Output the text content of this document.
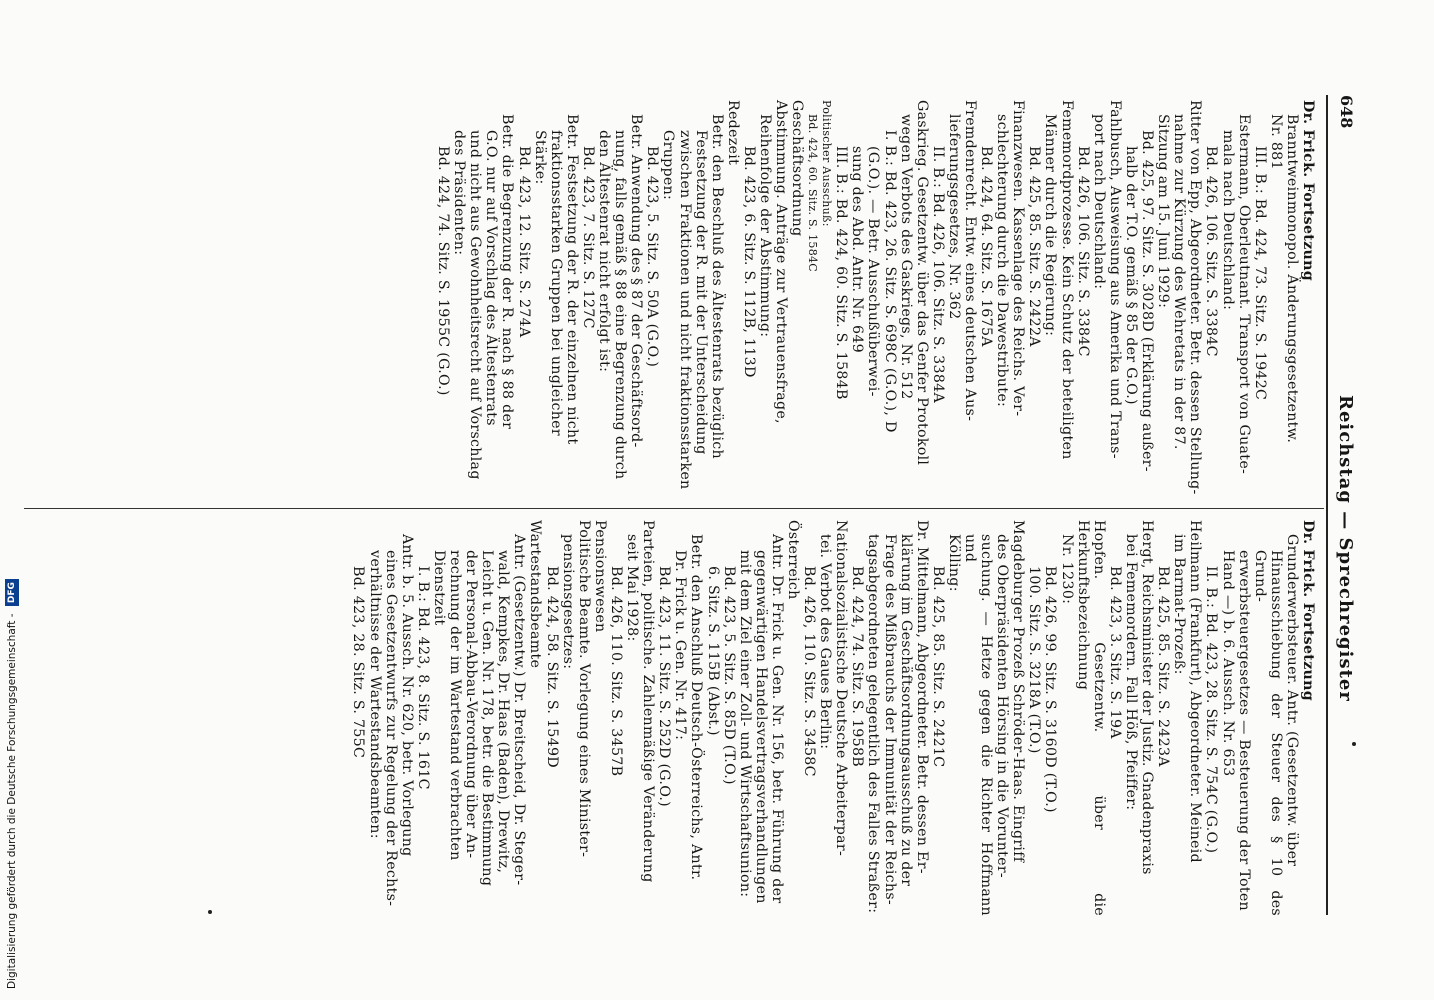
648
Reichstag — Sprechregister

Dr. Frick. Fortsetzung

Branntweinmonopol. Änderungsgesetzentw.

Nr. 881

III. B.: Bd. 424, 73. Sitz. S. 1942C

Estermann, Oberleutnant. Transport von Guate-

mala nach Deutschland:

Bd. 426, 106. Sitz. S. 3384C

Ritter von Epp, Abgeordneter. Betr. dessen Stellung-

nahme zur Kürzung des Wehretats in der 87.

Sitzung am 15. Juni 1929:

Bd. 425, 97. Sitz. S. 3028D (Erklärung außer-

halb der T.O. gemäß § 85 der G.O.)

Fahlbusch, Ausweisung aus Amerika und Trans-

port nach Deutschland:

Bd. 426, 106. Sitz. S. 3384C

Fememordprozesse. Kein Schutz der beteiligten

Männer durch die Regierung:

Bd. 425, 85. Sitz. S. 2422A

Finanzwesen. Kassenlage des Reichs. Ver-

schlechterung durch die Dawestribute:

Bd. 424, 64. Sitz. S. 1675A

Fremdenrecht. Entw. eines deutschen Aus-

lieferungsgesetzes, Nr. 362

II. B.: Bd. 426, 106. Sitz. S. 3384A

Gaskrieg. Gesetzentw. über das Genfer Protokoll

wegen Verbots des Gaskriegs, Nr. 512

I. B.: Bd. 423, 26. Sitz. S. 698C (G.O.), D

(G.O.). — Betr. Ausschußüberwei-

sung des Abd. Antr. Nr. 649

III. B.: Bd. 424, 60. Sitz. S. 1584B

Politischer Ausschuß:

Bd. 424, 60. Sitz. S. 1584C

Geschäftsordnung

Abstimmung. Anträge zur Vertrauensfrage,

Reihenfolge der Abstimmung:

Bd. 423, 6. Sitz. S. 112B, 113D

Redezeit

Betr. den Beschluß des Ältestenrats bezüglich

Festsetzung der R. mit der Unterscheidung

zwischen Fraktionen und nicht fraktionsstarken

Gruppen:

Bd. 423, 5. Sitz. S. 50A (G.O.)

Betr. Anwendung des § 87 der Geschäftsord-

nung, falls gemäß § 88 eine Begrenzung durch

den Ältestenrat nicht erfolgt ist:

Bd. 423, 7. Sitz. S. 127C

Betr. Festsetzung der R. der einzelnen nicht

fraktionsstarken Gruppen bei ungleicher

Stärke:

Bd. 423, 12. Sitz. S. 274A

Betr. die Begrenzung der R. nach § 88 der

G.O. nur auf Vorschlag des Ältestenrats

und nicht aus Gewohnheitsrecht auf Vorschlag

des Präsidenten:

Bd. 424, 74. Sitz. S. 1955C (G.O.)

Dr. Frick. Fortsetzung

Grunderwerbsteuer. Antr. (Gesetzentw. über

Hinausschiebung der Steuer des § 10 des Grund-

erwerbsteuergesetzes — Besteuerung der Toten

Hand —) b. 6. Aussch. Nr. 653

II. B.: Bd. 423, 28. Sitz. S. 754C (G.O.)

Heilmann (Frankfurt), Abgeordneter. Meineid

im Barmat-Prozeß:

Bd. 425, 85. Sitz. S. 2423A

Hergt, Reichsminister der Justiz. Gnadenpraxis

bei Fememordern. Fall Höß, Pfeiffer:

Bd. 423, 3. Sitz. S. 19A

Hopfen. Gesetzentw. über die Herkunftsbezeichnung

Nr. 1230:

Bd. 426, 99. Sitz. S. 3160D (T.O.)

100. Sitz. S. 3218A (T.O.)

Magdeburger Prozeß Schröder-Haas. Eingriff

des Oberpräsidenten Hörsing in die Vorunter-

suchung. — Hetze gegen die Richter Hoffmann und

Kölling:

Bd. 425, 85. Sitz. S. 2421C

Dr. Mittelmann, Abgeordneter. Betr. dessen Er-

klärung im Geschäftsordnungsausschuß zu der

Frage des Mißbrauchs der Immunität der Reichs-

tagsabgeordneten gelegentlich des Falles Straßer:

Bd. 424, 74. Sitz. S. 1958B

Nationalsozialistische Deutsche Arbeiterpar-

tei. Verbot des Gaues Berlin:

Bd. 426, 110. Sitz. S. 3458C

Österreich

Antr. Dr. Frick u. Gen. Nr. 156, betr. Führung der

gegenwärtigen Handelsvertragsverhandlungen

mit dem Ziel einer Zoll- und Wirtschaftsunion:

Bd. 423, 5. Sitz. S. 85D (T.O.)

6. Sitz. S. 115B (Abst.)

Betr. den Anschluß Deutsch-Österreichs, Antr.

Dr. Frick u. Gen. Nr. 417:

Bd. 423, 11. Sitz. S. 252D (G.O.)

Parteien, politische. Zahlenmäßige Veränderung

seit Mai 1928:

Bd. 426, 110. Sitz. S. 3457B

Pensionswesen

Politische Beamte. Vorlegung eines Minister-

pensionsgesetzes:

Bd. 424, 58. Sitz. S. 1549D

Wartestandsbeamte

Antr. (Gesetzentw.) Dr. Breitscheid, Dr. Steger-

wald, Kempkes, Dr. Haas (Baden), Drewitz,

Leicht u. Gen. Nr. 178, betr. die Bestimmung

der Personal-Abbau-Verordnung über An-

rechnung der im Wartestand verbrachten

Dienstzeit

I. B.: Bd. 423, 8. Sitz. S. 161C

Antr. b. 5. Aussch. Nr. 620, betr. Vorlegung

eines Gesetzentwurfs zur Regelung der Rechts-

verhältnisse der Wartestandsbeamten:

Bd. 423, 28. Sitz. S. 755C

Digitalisierung gefördert durch die Deutsche Forschungsgemeinschaft - DFG
